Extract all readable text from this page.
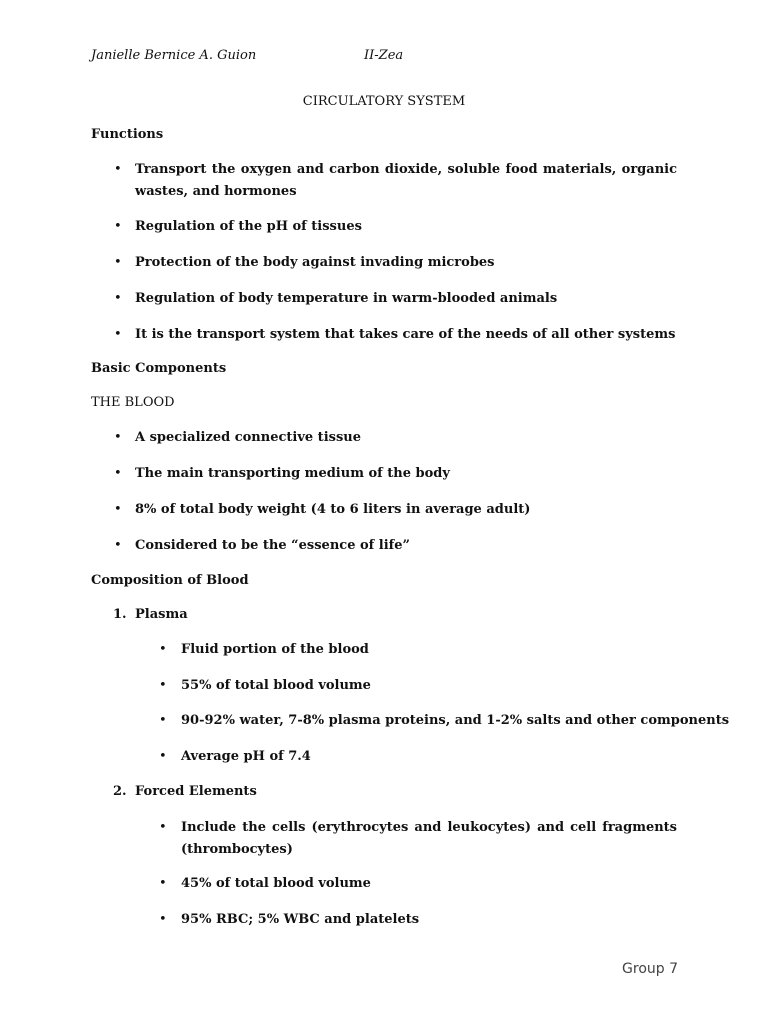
Janielle Bernice A. Guion	II-Zea
CIRCULATORY SYSTEM
Functions
• Transport the oxygen and carbon dioxide, soluble food materials, organic wastes, and hormones
• Regulation of the pH of tissues
• Protection of the body against invading microbes
• Regulation of body temperature in warm-blooded animals
• It is the transport system that takes care of the needs of all other systems
Basic Components
THE BLOOD
• A specialized connective tissue
• The main transporting medium of the body
• 8% of total body weight (4 to 6 liters in average adult)
• Considered to be the “essence of life”
Composition of Blood
1. Plasma
• Fluid portion of the blood
• 55% of total blood volume
• 90-92% water, 7-8% plasma proteins, and 1-2% salts and other components
• Average pH of 7.4
2. Forced Elements
• Include the cells (erythrocytes and leukocytes) and cell fragments (thrombocytes)
• 45% of total blood volume
• 95% RBC; 5% WBC and platelets
Group 7
